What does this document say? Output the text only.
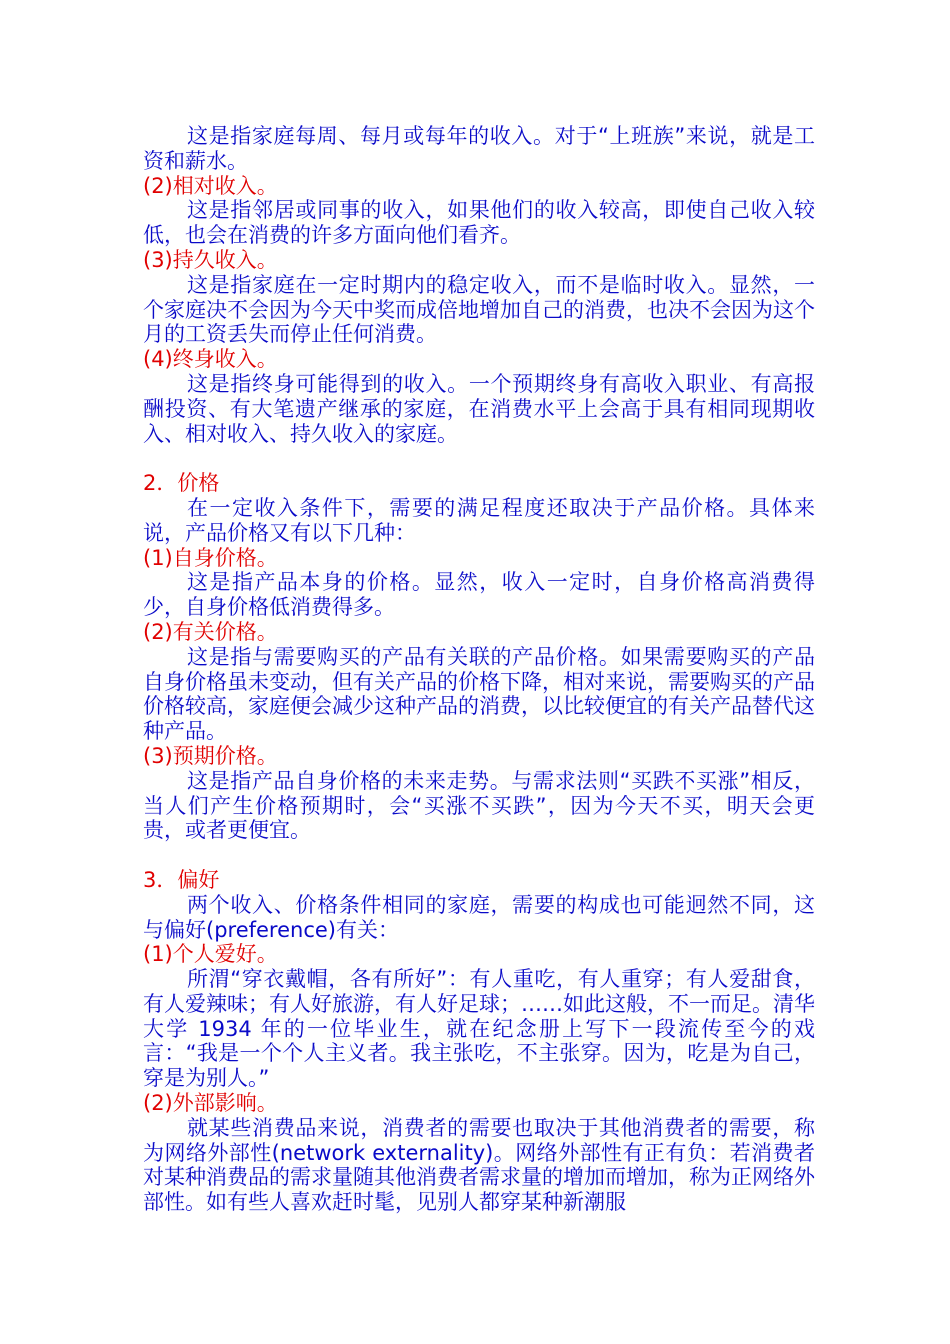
这是指家庭每周、每月或每年的收入。对于“上班族”来说，就是工资和薪水。

(2)相对收入。

这是指邻居或同事的收入，如果他们的收入较高，即使自己收入较低，也会在消费的许多方面向他们看齐。

(3)持久收入。

这是指家庭在一定时期内的稳定收入，而不是临时收入。显然，一个家庭决不会因为今天中奖而成倍地增加自己的消费，也决不会因为这个月的工资丢失而停止任何消费。

(4)终身收入。

这是指终身可能得到的收入。一个预期终身有高收入职业、有高报酬投资、有大笔遗产继承的家庭，在消费水平上会高于具有相同现期收入、相对收入、持久收入的家庭。

2．价格

在一定收入条件下，需要的满足程度还取决于产品价格。具体来说，产品价格又有以下几种：

(1)自身价格。

这是指产品本身的价格。显然，收入一定时，自身价格高消费得少，自身价格低消费得多。

(2)有关价格。

这是指与需要购买的产品有关联的产品价格。如果需要购买的产品自身价格虽未变动，但有关产品的价格下降，相对来说，需要购买的产品价格较高，家庭便会减少这种产品的消费，以比较便宜的有关产品替代这种产品。

(3)预期价格。

这是指产品自身价格的未来走势。与需求法则“买跌不买涨”相反，当人们产生价格预期时，会“买涨不买跌”，因为今天不买，明天会更贵，或者更便宜。

3．偏好

两个收入、价格条件相同的家庭，需要的构成也可能迥然不同，这与偏好(preference)有关：

(1)个人爱好。

所渭“穿衣戴帽，各有所好”：有人重吃，有人重穿；有人爱甜食，有人爱辣味；有人好旅游，有人好足球；……如此这般，不一而足。清华大学 1934 年的一位毕业生，就在纪念册上写下一段流传至今的戏言：“我是一个个人主义者。我主张吃，不主张穿。因为，吃是为自己，穿是为别人。”

(2)外部影响。

就某些消费品来说，消费者的需要也取决于其他消费者的需要，称为网络外部性(network externality)。网络外部性有正有负：若消费者对某种消费品的需求量随其他消费者需求量的增加而增加，称为正网络外部性。如有些人喜欢赶时髦，见别人都穿某种新潮服
